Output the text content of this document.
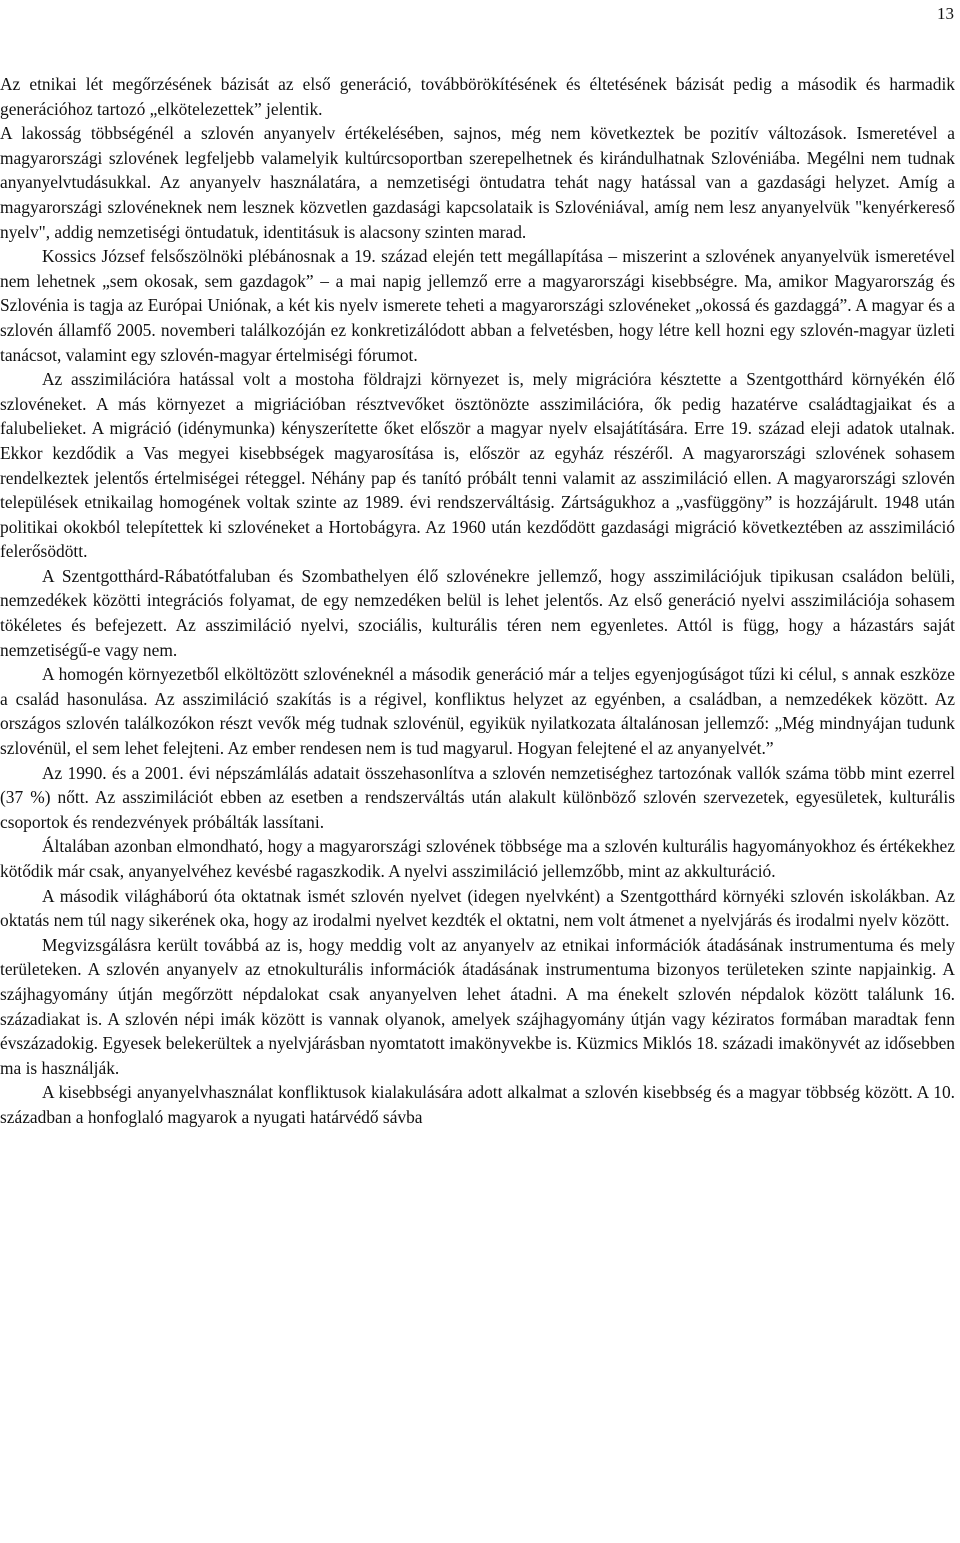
13

Az etnikai lét megőrzésének bázisát az első generáció, továbbörökítésének és éltetésének bázisát pedig a második és harmadik generációhoz tartozó „elkötelezettek” jelentik.

A lakosság többségénél a szlovén anyanyelv értékelésében, sajnos, még nem következtek be pozitív változások. Ismeretével a magyarországi szlovének legfeljebb valamelyik kultúrcsoportban szerepelhetnek és kirándulhatnak Szlovéniába. Megélni nem tudnak anyanyelvtudásukkal. Az anyanyelv használatára, a nemzetiségi öntudatra tehát nagy hatással van a gazdasági helyzet. Amíg a magyarországi szlovéneknek nem lesznek közvetlen gazdasági kapcsolataik is Szlovéniával, amíg nem lesz anyanyelvük "kenyérkereső nyelv", addig nemzetiségi öntudatuk, identitásuk is alacsony szinten marad.

Kossics József felsőszölnöki plébánosnak a 19. század elején tett megállapítása – miszerint a szlovének anyanyelvük ismeretével nem lehetnek „sem okosak, sem gazdagok” – a mai napig jellemző erre a magyarországi kisebbségre. Ma, amikor Magyarország és Szlovénia is tagja az Európai Uniónak, a két kis nyelv ismerete teheti a magyarországi szlovéneket „okossá és gazdaggá”. A magyar és a szlovén államfő 2005. novemberi találkozóján ez konkretizálódott abban a felvetésben, hogy létre kell hozni egy szlovén-magyar üzleti tanácsot, valamint egy szlovén-magyar értelmiségi fórumot.

Az asszimilációra hatással volt a mostoha földrajzi környezet is, mely migrációra késztette a Szentgotthárd környékén élő szlovéneket. A más környezet a migriációban résztvevőket ösztönözte asszimilációra, ők pedig hazatérve családtagjaikat és a falubelieket. A migráció (idénymunka) kényszerítette őket először a magyar nyelv elsajátítására. Erre 19. század eleji adatok utalnak. Ekkor kezdődik a Vas megyei kisebbségek magyarosítása is, először az egyház részéről. A magyarországi szlovének sohasem rendelkeztek jelentős értelmiségei réteggel. Néhány pap és tanító próbált tenni valamit az asszimiláció ellen. A magyarországi szlovén települések etnikailag homogének voltak szinte az 1989. évi rendszerváltásig. Zártságukhoz a „vasfüggöny” is hozzájárult. 1948 után politikai okokból telepítettek ki szlovéneket a Hortobágyra. Az 1960 után kezdődött gazdasági migráció következtében az asszimiláció felerősödött.

A Szentgotthárd-Rábatótfaluban és Szombathelyen élő szlovénekre jellemző, hogy asszimilációjuk tipikusan családon belüli, nemzedékek közötti integrációs folyamat, de egy nemzedéken belül is lehet jelentős. Az első generáció nyelvi asszimilációja sohasem tökéletes és befejezett. Az asszimiláció nyelvi, szociális, kulturális téren nem egyenletes. Attól is függ, hogy a házastárs saját nemzetiségű-e vagy nem.

A homogén környezetből elköltözött szlovéneknél a második generáció már a teljes egyenjogúságot tűzi ki célul, s annak eszköze a család hasonulása. Az asszimiláció szakítás is a régivel, konfliktus helyzet az egyénben, a családban, a nemzedékek között. Az országos szlovén találkozókon részt vevők még tudnak szlovénül, egyikük nyilatkozata általánosan jellemző: „Még mindnyájan tudunk szlovénül, el sem lehet felejteni. Az ember rendesen nem is tud magyarul. Hogyan felejtené el az anyanyelvét.”

Az 1990. és a 2001. évi népszámlálás adatait összehasonlítva a szlovén nemzetiséghez tartozónak vallók száma több mint ezerrel (37 %) nőtt. Az asszimilációt ebben az esetben a rendszerváltás után alakult különböző szlovén szervezetek, egyesületek, kulturális csoportok és rendezvények próbálták lassítani.

Általában azonban elmondható, hogy a magyarországi szlovének többsége ma a szlovén kulturális hagyományokhoz és értékekhez kötődik már csak, anyanyelvéhez kevésbé ragaszkodik. A nyelvi asszimiláció jellemzőbb, mint az akkulturáció.

A második világháború óta oktatnak ismét szlovén nyelvet (idegen nyelvként) a Szentgotthárd környéki szlovén iskolákban. Az oktatás nem túl nagy sikerének oka, hogy az irodalmi nyelvet kezdték el oktatni, nem volt átmenet a nyelvjárás és irodalmi nyelv között.

Megvizsgálásra került továbbá az is, hogy meddig volt az anyanyelv az etnikai információk átadásának instrumentuma és mely területeken. A szlovén anyanyelv az etnokulturális információk átadásának instrumentuma bizonyos területeken szinte napjainkig. A szájhagyomány útján megőrzött népdalokat csak anyanyelven lehet átadni. A ma énekelt szlovén népdalok között találunk 16. századiakat is. A szlovén népi imák között is vannak olyanok, amelyek szájhagyomány útján vagy kéziratos formában maradtak fenn évszázadokig. Egyesek belekerültek a nyelvjárásban nyomtatott imakönyvekbe is. Küzmics Miklós 18. századi imakönyvét az idősebben ma is használják.

A kisebbségi anyanyelvhasználat konfliktusok kialakulására adott alkalmat a szlovén kisebbség és a magyar többség között. A 10. században a honfoglaló magyarok a nyugati határvédő sávba
